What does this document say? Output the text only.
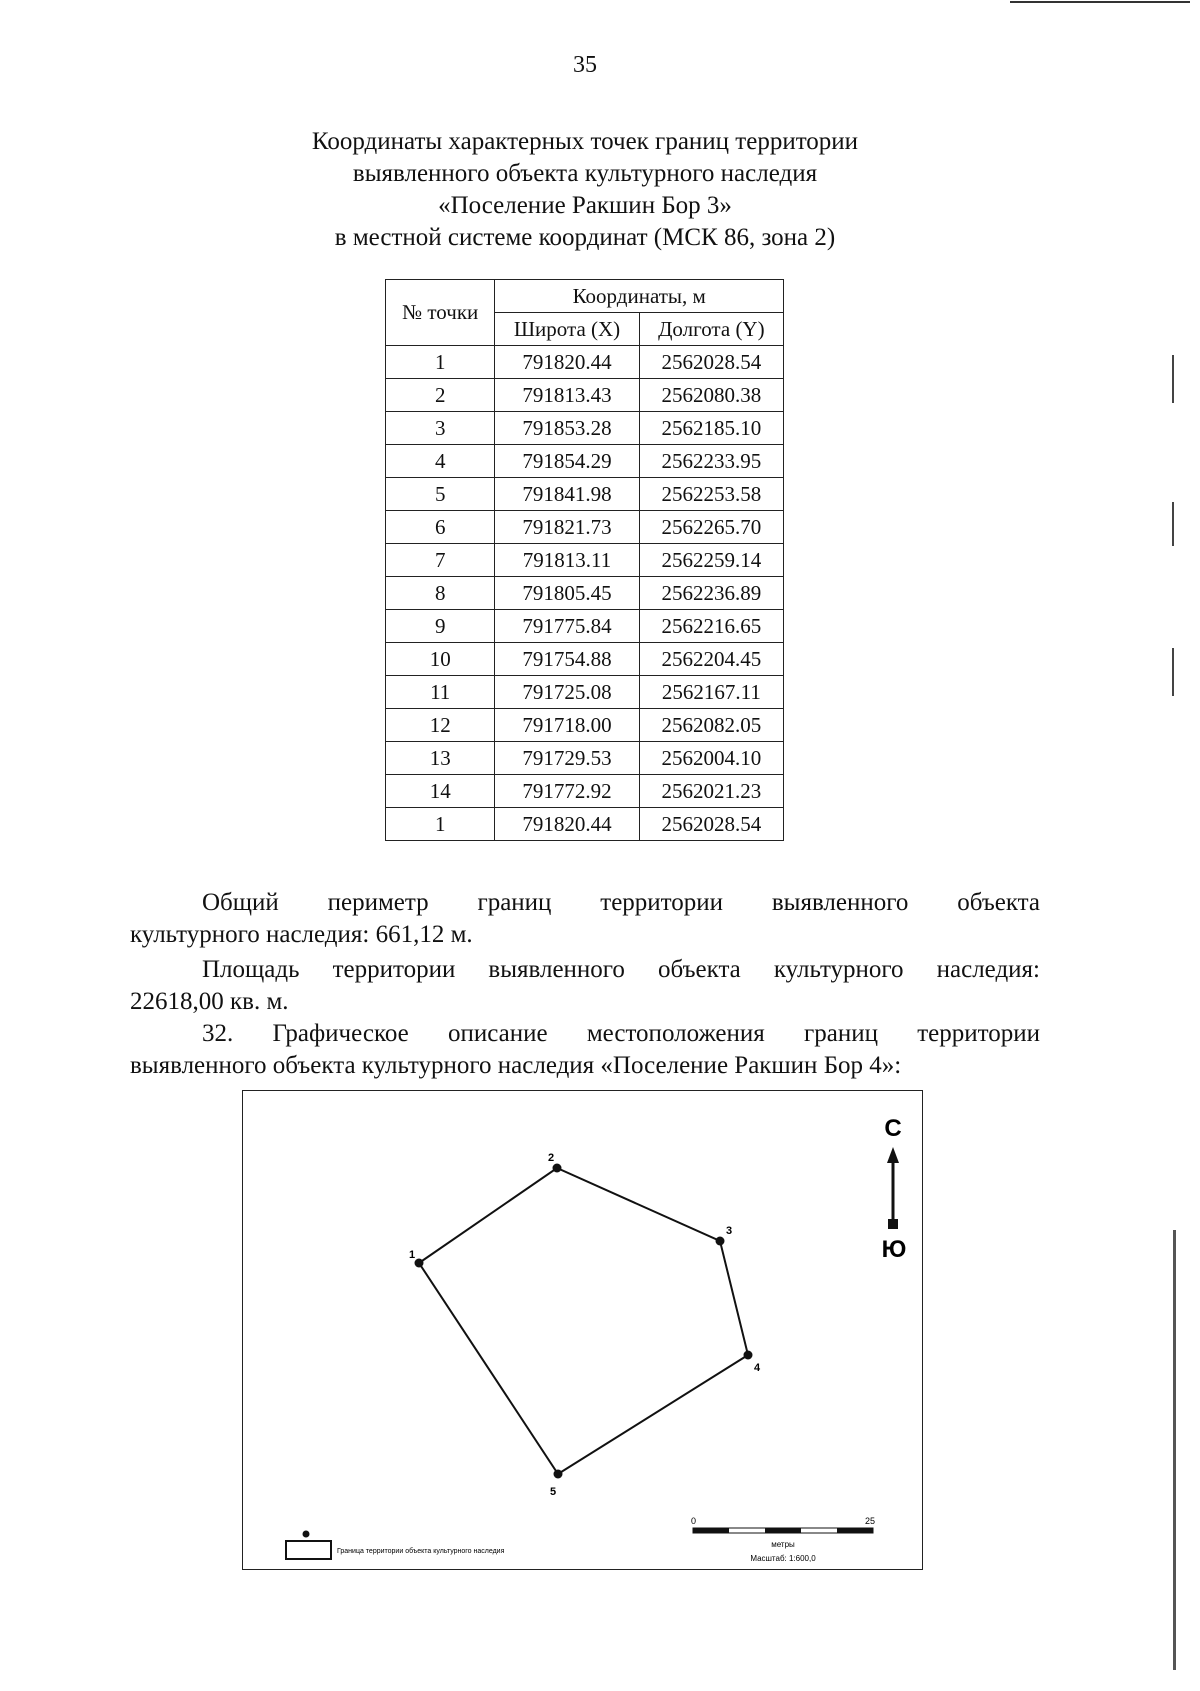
35
Координаты характерных точек границ территории
выявленного объекта культурного наследия
«Поселение Ракшин Бор 3»
в местной системе координат (МСК 86, зона 2)
№ точки	Координаты, м	
	Широта (X)	Долгота (Y)
1	791820.44	2562028.54
2	791813.43	2562080.38
3	791853.28	2562185.10
4	791854.29	2562233.95
5	791841.98	2562253.58
6	791821.73	2562265.70
7	791813.11	2562259.14
8	791805.45	2562236.89
9	791775.84	2562216.65
10	791754.88	2562204.45
11	791725.08	2562167.11
12	791718.00	2562082.05
13	791729.53	2562004.10
14	791772.92	2562021.23
1	791820.44	2562028.54
Общий периметр границ территории выявленного объекта
культурного наследия: 661,12 м.
Площадь территории выявленного объекта культурного наследия:
22618,00 кв. м.
32. Графическое описание местоположения границ территории
выявленного объекта культурного наследия «Поселение Ракшин Бор 4»:
1
2
3
4
5
С
Ю
0	25
метры
Масштаб: 1:600,0
Граница территории объекта культурного наследия
